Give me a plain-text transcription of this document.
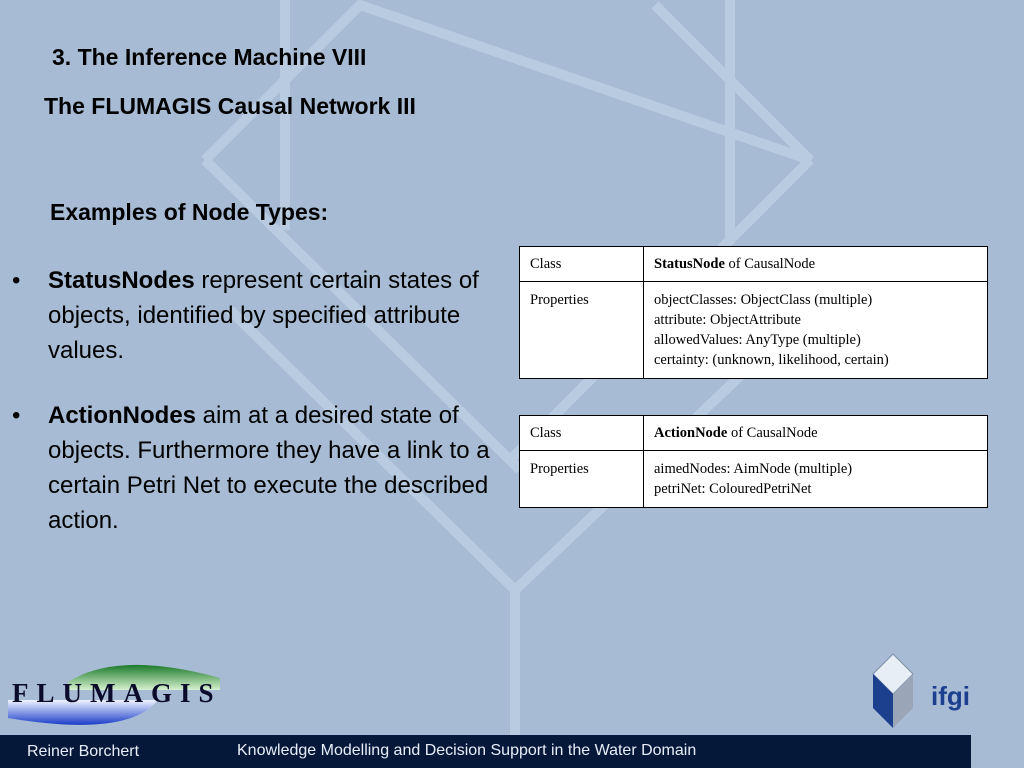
3. The Inference Machine VIII
The FLUMAGIS Causal Network III
Examples of Node Types:
• StatusNodes represent certain states of objects, identified by specified attribute values.
• ActionNodes aim at a desired state of objects. Furthermore they have a link to a certain Petri Net to execute the described action.
Class	StatusNode of CausalNode
Properties	objectClasses: ObjectClass (multiple)
attribute: ObjectAttribute
allowedValues: AnyType (multiple)
certainty: (unknown, likelihood, certain)
Class	ActionNode of CausalNode
Properties	aimedNodes: AimNode (multiple)
petriNet: ColouredPetriNet
FLUMAGIS	ifgi
Reiner Borchert	Knowledge Modelling and Decision Support in the Water Domain
